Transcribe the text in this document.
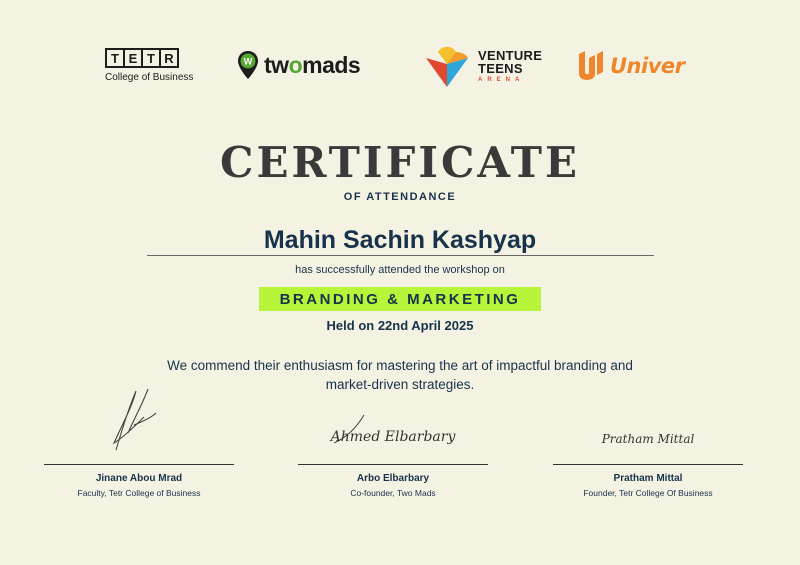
T E T R
College of Business
W twomads	VENTURE
TEENS
ARENA
Univer
CERTIFICATE
OF ATTENDANCE
Mahin Sachin Kashyap
has successfully attended the workshop on
BRANDING & MARKETING
Held on 22nd April 2025
We commend their enthusiasm for mastering the art of impactful branding and market-driven strategies.
Jinane Abou Mrad
Faculty, Tetr College of Business
Ahmed Elbarbary
Arbo Elbarbary
Co-founder, Two Mads
Pratham Mittal
Pratham Mittal
Founder, Tetr College Of Business
